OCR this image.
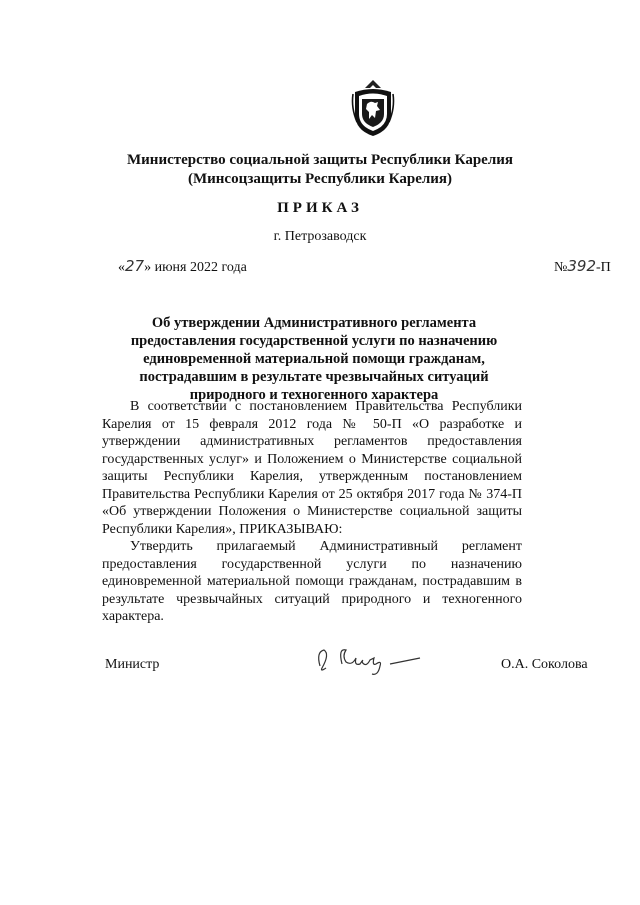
Министерство социальной защиты Республики Карелия
(Минсоцзащиты Республики Карелия)
ПРИКАЗ
г. Петрозаводск
«27» июня 2022 года	№392-П
Об утверждении Административного регламента предоставления государственной услуги по назначению единовременной материальной помощи гражданам, пострадавшим в результате чрезвычайных ситуаций природного и техногенного характера

В соответствии с постановлением Правительства Республики Карелия от 15 февраля 2012 года № 50-П «О разработке и утверждении административных регламентов предоставления государственных услуг» и Положением о Министерстве социальной защиты Республики Карелия, утвержденным постановлением Правительства Республики Карелия от 25 октября 2017 года № 374-П «Об утверждении Положения о Министерстве социальной защиты Республики Карелия», ПРИКАЗЫВАЮ:

Утвердить прилагаемый Административный регламент предоставления государственной услуги по назначению единовременной материальной помощи гражданам, пострадавшим в результате чрезвычайных ситуаций природного и техногенного характера.

Министр	О.А. Соколова
